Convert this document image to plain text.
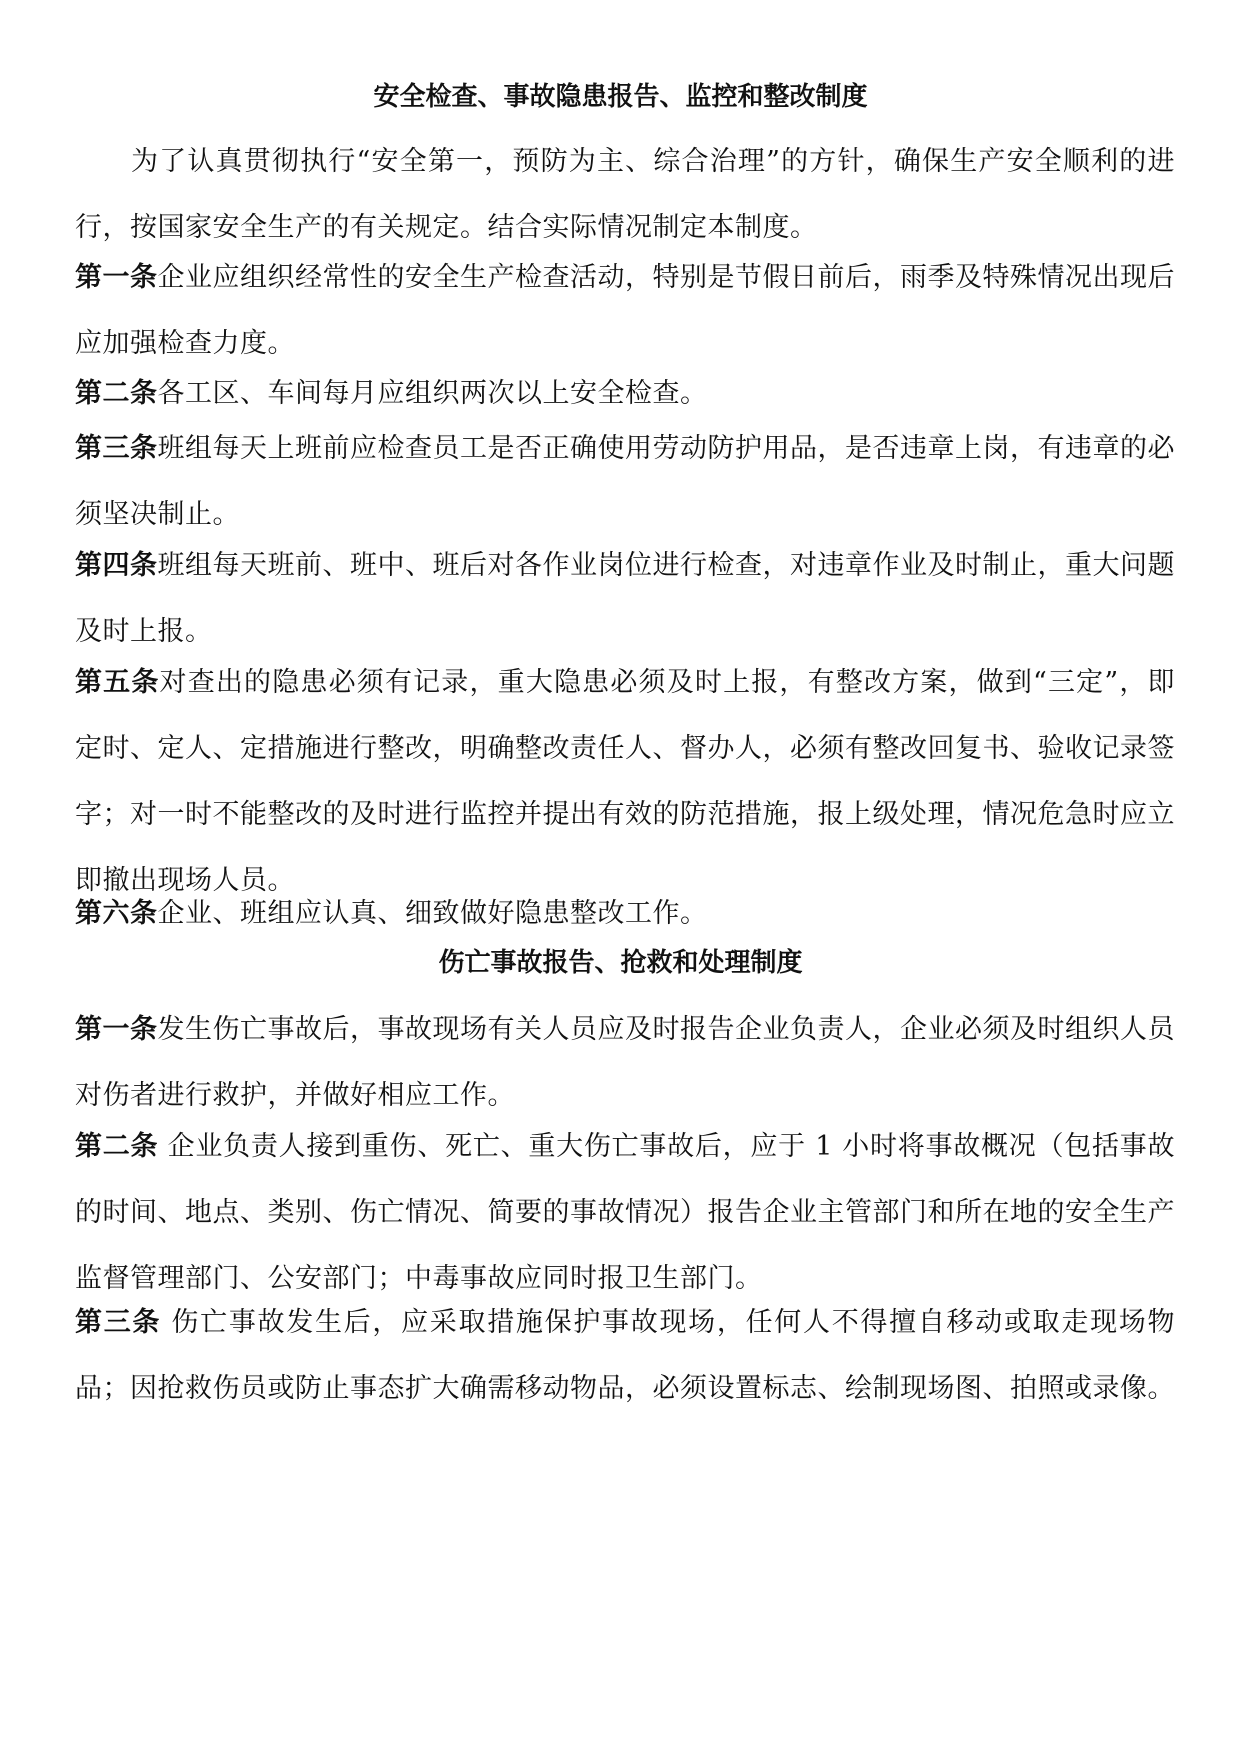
安全检查、事故隐患报告、监控和整改制度

为了认真贯彻执行“安全第一，预防为主、综合治理”的方针，确保生产安全顺利的进行，按国家安全生产的有关规定。结合实际情况制定本制度。

第一条企业应组织经常性的安全生产检查活动，特别是节假日前后，雨季及特殊情况出现后应加强检查力度。

第二条各工区、车间每月应组织两次以上安全检查。

第三条班组每天上班前应检查员工是否正确使用劳动防护用品，是否违章上岗，有违章的必须坚决制止。

第四条班组每天班前、班中、班后对各作业岗位进行检查，对违章作业及时制止，重大问题及时上报。

第五条对查出的隐患必须有记录，重大隐患必须及时上报，有整改方案，做到“三定”，即定时、定人、定措施进行整改，明确整改责任人、督办人，必须有整改回复书、验收记录签字；对一时不能整改的及时进行监控并提出有效的防范措施，报上级处理，情况危急时应立即撤出现场人员。

第六条企业、班组应认真、细致做好隐患整改工作。

伤亡事故报告、抢救和处理制度

第一条发生伤亡事故后，事故现场有关人员应及时报告企业负责人，企业必须及时组织人员对伤者进行救护，并做好相应工作。

第二条 企业负责人接到重伤、死亡、重大伤亡事故后，应于 1 小时将事故概况（包括事故的时间、地点、类别、伤亡情况、简要的事故情况）报告企业主管部门和所在地的安全生产监督管理部门、公安部门；中毒事故应同时报卫生部门。

第三条 伤亡事故发生后，应采取措施保护事故现场，任何人不得擅自移动或取走现场物品；因抢救伤员或防止事态扩大确需移动物品，必须设置标志、绘制现场图、拍照或录像。
